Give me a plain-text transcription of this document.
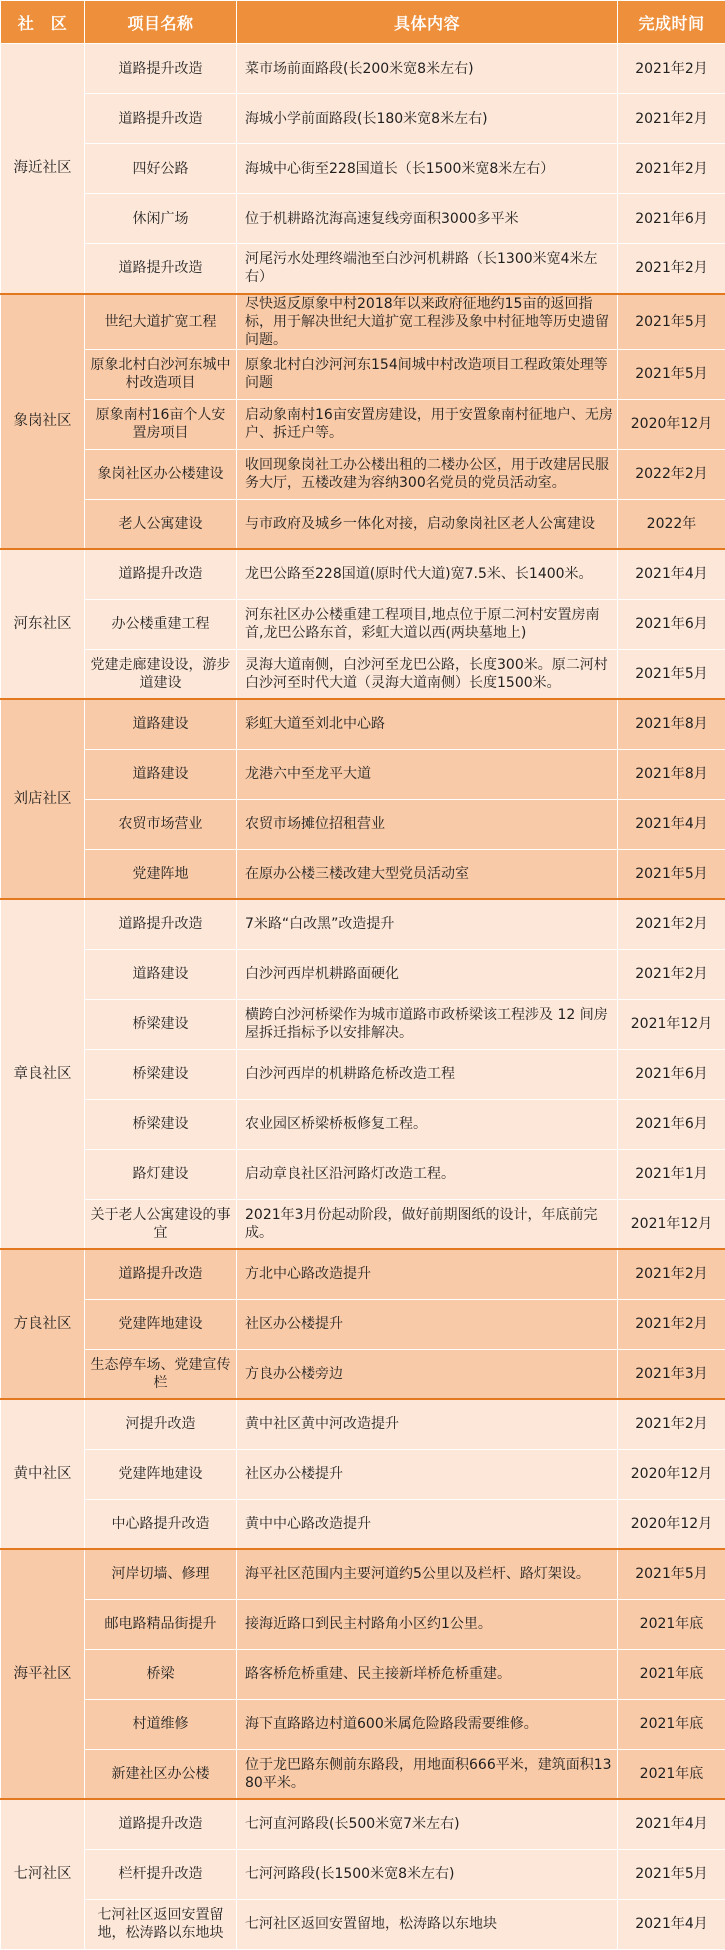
社　区	项目名称	具体内容	完成时间
海近社区	道路提升改造	菜市场前面路段(长200米宽8米左右)	2021年2月
	道路提升改造	海城小学前面路段(长180米宽8米左右)	2021年2月
	四好公路	海城中心街至228国道长（长1500米宽8米左右）	2021年2月
	休闲广场	位于机耕路沈海高速复线旁面积3000多平米	2021年6月
	道路提升改造	河尾污水处理终端池至白沙河机耕路（长1300米宽4米左右）	2021年2月
象岗社区	世纪大道扩宽工程	尽快返反原象中村2018年以来政府征地约15亩的返回指标，用于解决世纪大道扩宽工程涉及象中村征地等历史遗留问题。	2021年5月
	原象北村白沙河东城中村改造项目	原象北村白沙河河东154间城中村改造项目工程政策处理等问题	2021年5月
	原象南村16亩个人安置房项目	启动象南村16亩安置房建设，用于安置象南村征地户、无房户、拆迁户等。	2020年12月
	象岗社区办公楼建设	收回现象岗社工办公楼出租的二楼办公区，用于改建居民服务大厅，五楼改建为容纳300名党员的党员活动室。	2022年2月
	老人公寓建设	与市政府及城乡一体化对接，启动象岗社区老人公寓建设	2022年
河东社区	道路提升改造	龙巴公路至228国道(原时代大道)宽7.5米、长1400米。	2021年4月
	办公楼重建工程	河东社区办公楼重建工程项目,地点位于原二河村安置房南首,龙巴公路东首，彩虹大道以西(两块墓地上)	2021年6月
	党建走廊建设设，游步道建设	灵海大道南侧，白沙河至龙巴公路，长度300米。原二河村白沙河至时代大道（灵海大道南侧）长度1500米。	2021年5月
刘店社区	道路建设	彩虹大道至刘北中心路	2021年8月
	道路建设	龙港六中至龙平大道	2021年8月
	农贸市场营业	农贸市场摊位招租营业	2021年4月
	党建阵地	在原办公楼三楼改建大型党员活动室	2021年5月
章良社区	道路提升改造	7米路“白改黑”改造提升	2021年2月
	道路建设	白沙河西岸机耕路面硬化	2021年2月
	桥梁建设	横跨白沙河桥梁作为城市道路市政桥梁该工程涉及 12 间房屋拆迁指标予以安排解决。	2021年12月
	桥梁建设	白沙河西岸的机耕路危桥改造工程	2021年6月
	桥梁建设	农业园区桥梁桥板修复工程。	2021年6月
	路灯建设	启动章良社区沿河路灯改造工程。	2021年1月
	关于老人公寓建设的事宜	2021年3月份起动阶段，做好前期图纸的设计，年底前完成。	2021年12月
方良社区	道路提升改造	方北中心路改造提升	2021年2月
	党建阵地建设	社区办公楼提升	2021年2月
	生态停车场、党建宣传栏	方良办公楼旁边	2021年3月
黄中社区	河提升改造	黄中社区黄中河改造提升	2021年2月
	党建阵地建设	社区办公楼提升	2020年12月
	中心路提升改造	黄中中心路改造提升	2020年12月
海平社区	河岸切墙、修理	海平社区范围内主要河道约5公里以及栏杆、路灯架设。	2021年5月
	邮电路精品街提升	接海近路口到民主村路角小区约1公里。	2021年底
	桥梁	路客桥危桥重建、民主接新垟桥危桥重建。	2021年底
	村道维修	海下直路路边村道600米属危险路段需要维修。	2021年底
	新建社区办公楼	位于龙巴路东侧前东路段，用地面积666平米，建筑面积1380平米。	2021年底
七河社区	道路提升改造	七河直河路段(长500米宽7米左右)	2021年4月
	栏杆提升改造	七河河路段(长1500米宽8米左右)	2021年5月
	七河社区返回安置留地，松涛路以东地块	七河社区返回安置留地，松涛路以东地块	2021年4月
